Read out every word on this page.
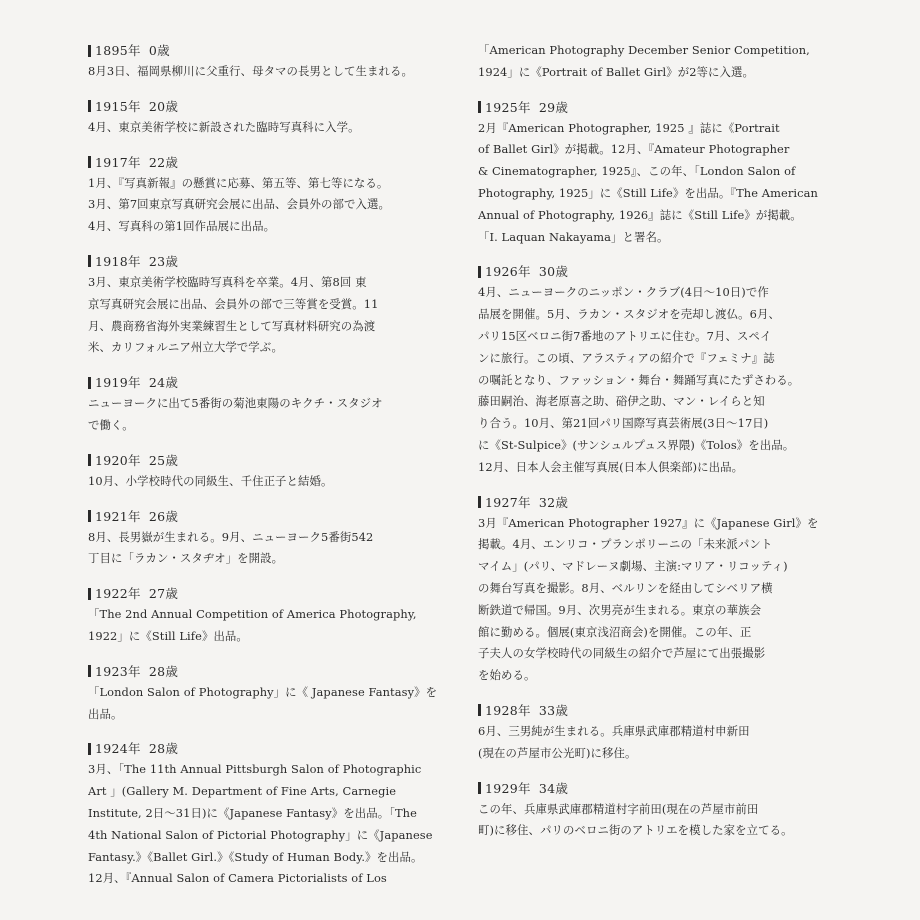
1895年 0歳
8月3日、福岡県柳川に父重行、母タマの長男として生まれる。
1915年 20歳
4月、東京美術学校に新設された臨時写真科に入学。
1917年 22歳
1月、『写真新報』の懸賞に応募、第五等、第七等になる。
3月、第7回東京写真研究会展に出品、会員外の部で入選。
4月、写真科の第1回作品展に出品。
1918年 23歳
3月、東京美術学校臨時写真科を卒業。4月、第8回 東
京写真研究会展に出品、会員外の部で三等賞を受賞。11
月、農商務省海外実業練習生として写真材料研究の為渡
米、カリフォルニア州立大学で学ぶ。
1919年 24歳
ニューヨークに出て5番街の菊池東陽のキクチ・スタジオ
で働く。
1920年 25歳
10月、小学校時代の同級生、千住正子と結婚。
1921年 26歳
8月、長男嶽が生まれる。9月、ニューヨーク5番街542
丁目に「ラカン・スタヂオ」を開設。
1922年 27歳
「The 2nd Annual Competition of America Photography,
1922」に《Still Life》出品。
1923年 28歳
「London Salon of Photography」に《 Japanese Fantasy》を
出品。
1924年 28歳
3月、「The 11th Annual Pittsburgh Salon of Photographic
Art 」(Gallery M. Department of Fine Arts, Carnegie
Institute, 2日〜31日)に《Japanese Fantasy》を出品。「The
4th National Salon of Pictorial Photography」に《Japanese
Fantasy.》《Ballet Girl.》《Study of Human Body.》を出品。
12月、『Annual Salon of Camera Pictorialists of Los
「American Photography December Senior Competition,
1924」に《Portrait of Ballet Girl》が2等に入選。
1925年 29歳
2月『American Photographer, 1925 』誌に《Portrait
of Ballet Girl》が掲載。12月、『Amateur Photographer
& Cinematographer, 1925』、この年、「London Salon of
Photography, 1925」に《Still Life》を出品。『The American
Annual of Photography, 1926』誌に《Still Life》が掲載。
「I. Laquan Nakayama」と署名。
1926年 30歳
4月、ニューヨークのニッポン・クラブ(4日〜10日)で作
品展を開催。5月、ラカン・スタジオを売却し渡仏。6月、
パリ15区ベロニ街7番地のアトリエに住む。7月、スペイ
ンに旅行。この頃、アラスティアの紹介で『フェミナ』誌
の嘱託となり、ファッション・舞台・舞踊写真にたずさわる。
藤田嗣治、海老原喜之助、硲伊之助、マン・レイらと知
り合う。10月、第21回パリ国際写真芸術展(3日〜17日)
に《St-Sulpice》(サンシュルプュス界隈)《Tolos》を出品。
12月、日本人会主催写真展(日本人倶楽部)に出品。
1927年 32歳
3月『American Photographer 1927』に《Japanese Girl》を
掲載。4月、エンリコ・プランポリーニの「未来派パント
マイム」(パリ、マドレーヌ劇場、主演:マリア・リコッティ)
の舞台写真を撮影。8月、ベルリンを経由してシベリア横
断鉄道で帰国。9月、次男亮が生まれる。東京の華族会
館に勤める。個展(東京浅沼商会)を開催。この年、正
子夫人の女学校時代の同級生の紹介で芦屋にて出張撮影
を始める。
1928年 33歳
6月、三男純が生まれる。兵庫県武庫郡精道村申新田
(現在の芦屋市公光町)に移住。
1929年 34歳
この年、兵庫県武庫郡精道村字前田(現在の芦屋市前田
町)に移住、パリのベロニ街のアトリエを模した家を立てる。
